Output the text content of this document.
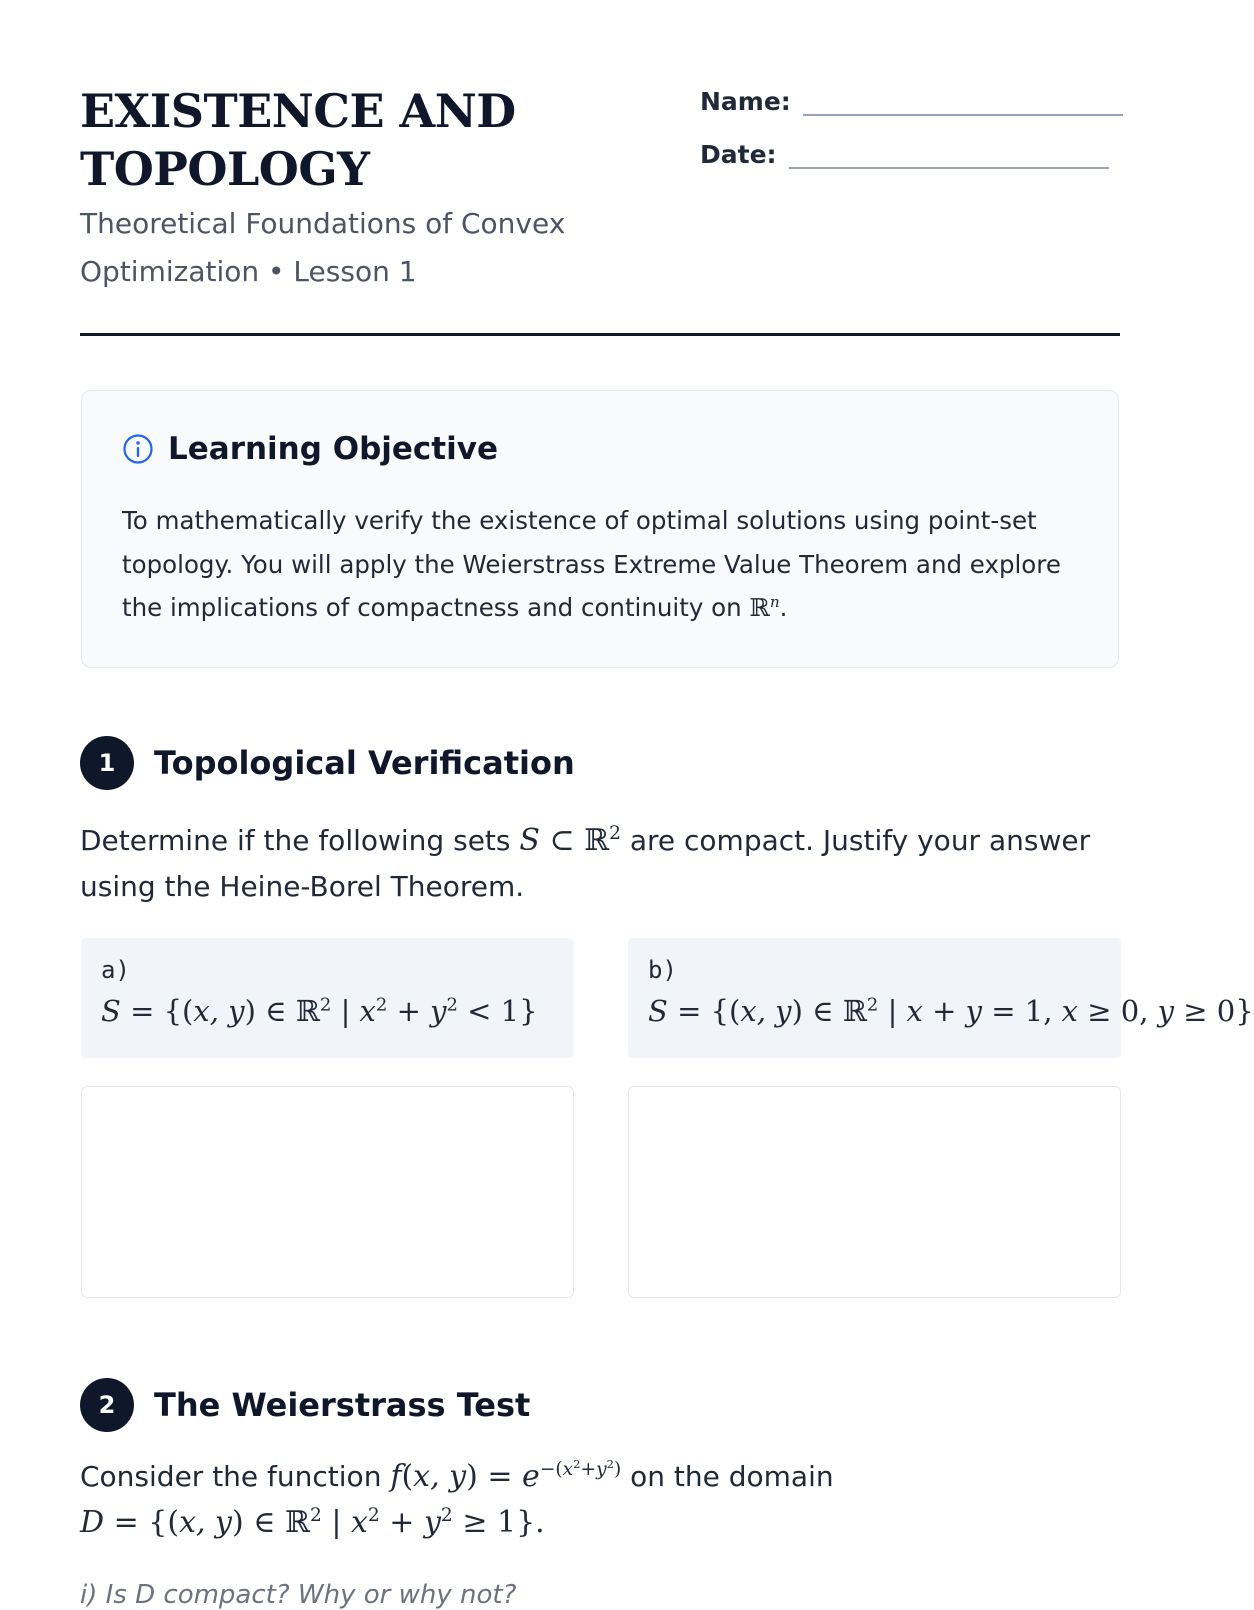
EXISTENCE AND
TOPOLOGY
Theoretical Foundations of Convex
Optimization • Lesson 1
Name:
Date:
Learning Objective
To mathematically verify the existence of optimal solutions using point-set
topology. You will apply the Weierstrass Extreme Value Theorem and explore
the implications of compactness and continuity on ℝ$^n$.
1	Topological Verification
Determine if the following sets S ⊂ ℝ$^2$ are compact. Justify your answer
using the Heine-Borel Theorem.
a)
S = {(x, y) ∈ ℝ$^2$ | $x^2 + y^2 < 1$}
b)
S = {(x, y) ∈ ℝ$^2$ | x + y = 1, x ≥ 0, y ≥ 0}
2	The Weierstrass Test
Consider the function f(x, $y) = e^{-(x^2+y^2)}$ on the domain
D = {(x, y) ∈ ℝ$^2$ | $x^2 + y^2 \ge 1$}.
i) Is D compact? Why or why not?
